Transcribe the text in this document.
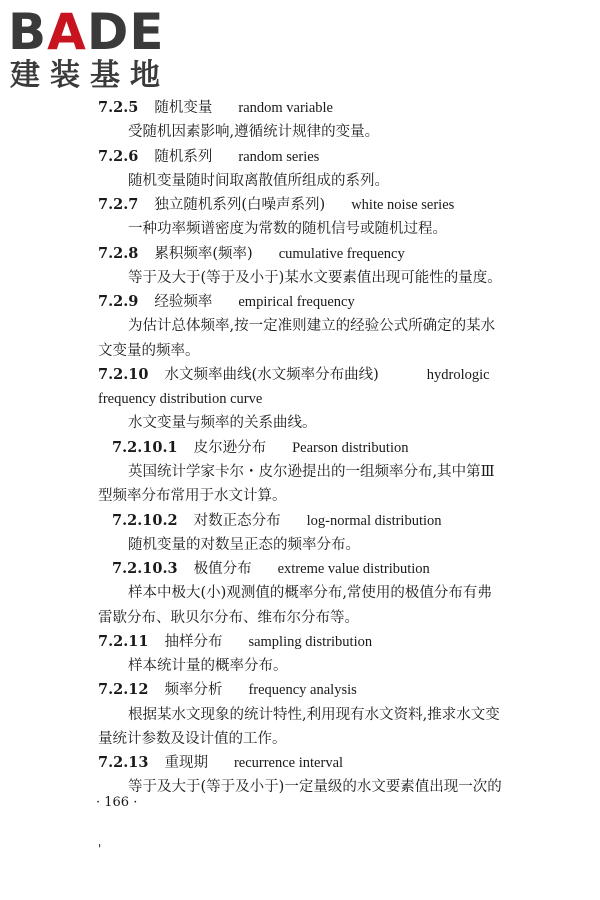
BADE
建装基地
7.2.5 随机变量 random variable
受随机因素影响,遵循统计规律的变量。
7.2.6 随机系列 random series
随机变量随时间取离散值所组成的系列。
7.2.7 独立随机系列(白噪声系列) white noise series
一种功率频谱密度为常数的随机信号或随机过程。
7.2.8 累积频率(频率) cumulative frequency
等于及大于(等于及小于)某水文要素值出现可能性的量度。
7.2.9 经验频率 empirical frequency
为估计总体频率,按一定准则建立的经验公式所确定的某水
文变量的频率。
7.2.10 水文频率曲线(水文频率分布曲线)	hydrologic
frequency distribution curve
水文变量与频率的关系曲线。
7.2.10.1 皮尔逊分布 Pearson distribution
英国统计学家卡尔・皮尔逊提出的一组频率分布,其中第Ⅲ
型频率分布常用于水文计算。
7.2.10.2 对数正态分布 log-normal distribution
随机变量的对数呈正态的频率分布。
7.2.10.3 极值分布 extreme value distribution
样本中极大(小)观测值的概率分布,常使用的极值分布有弗
雷歇分布、耿贝尔分布、维布尔分布等。
7.2.11 抽样分布 sampling distribution
样本统计量的概率分布。
7.2.12 频率分析 frequency analysis
根据某水文现象的统计特性,利用现有水文资料,推求水文变
量统计参数及设计值的工作。
7.2.13 重现期 recurrence interval
等于及大于(等于及小于)一定量级的水文要素值出现一次的
· 166 ·
'
